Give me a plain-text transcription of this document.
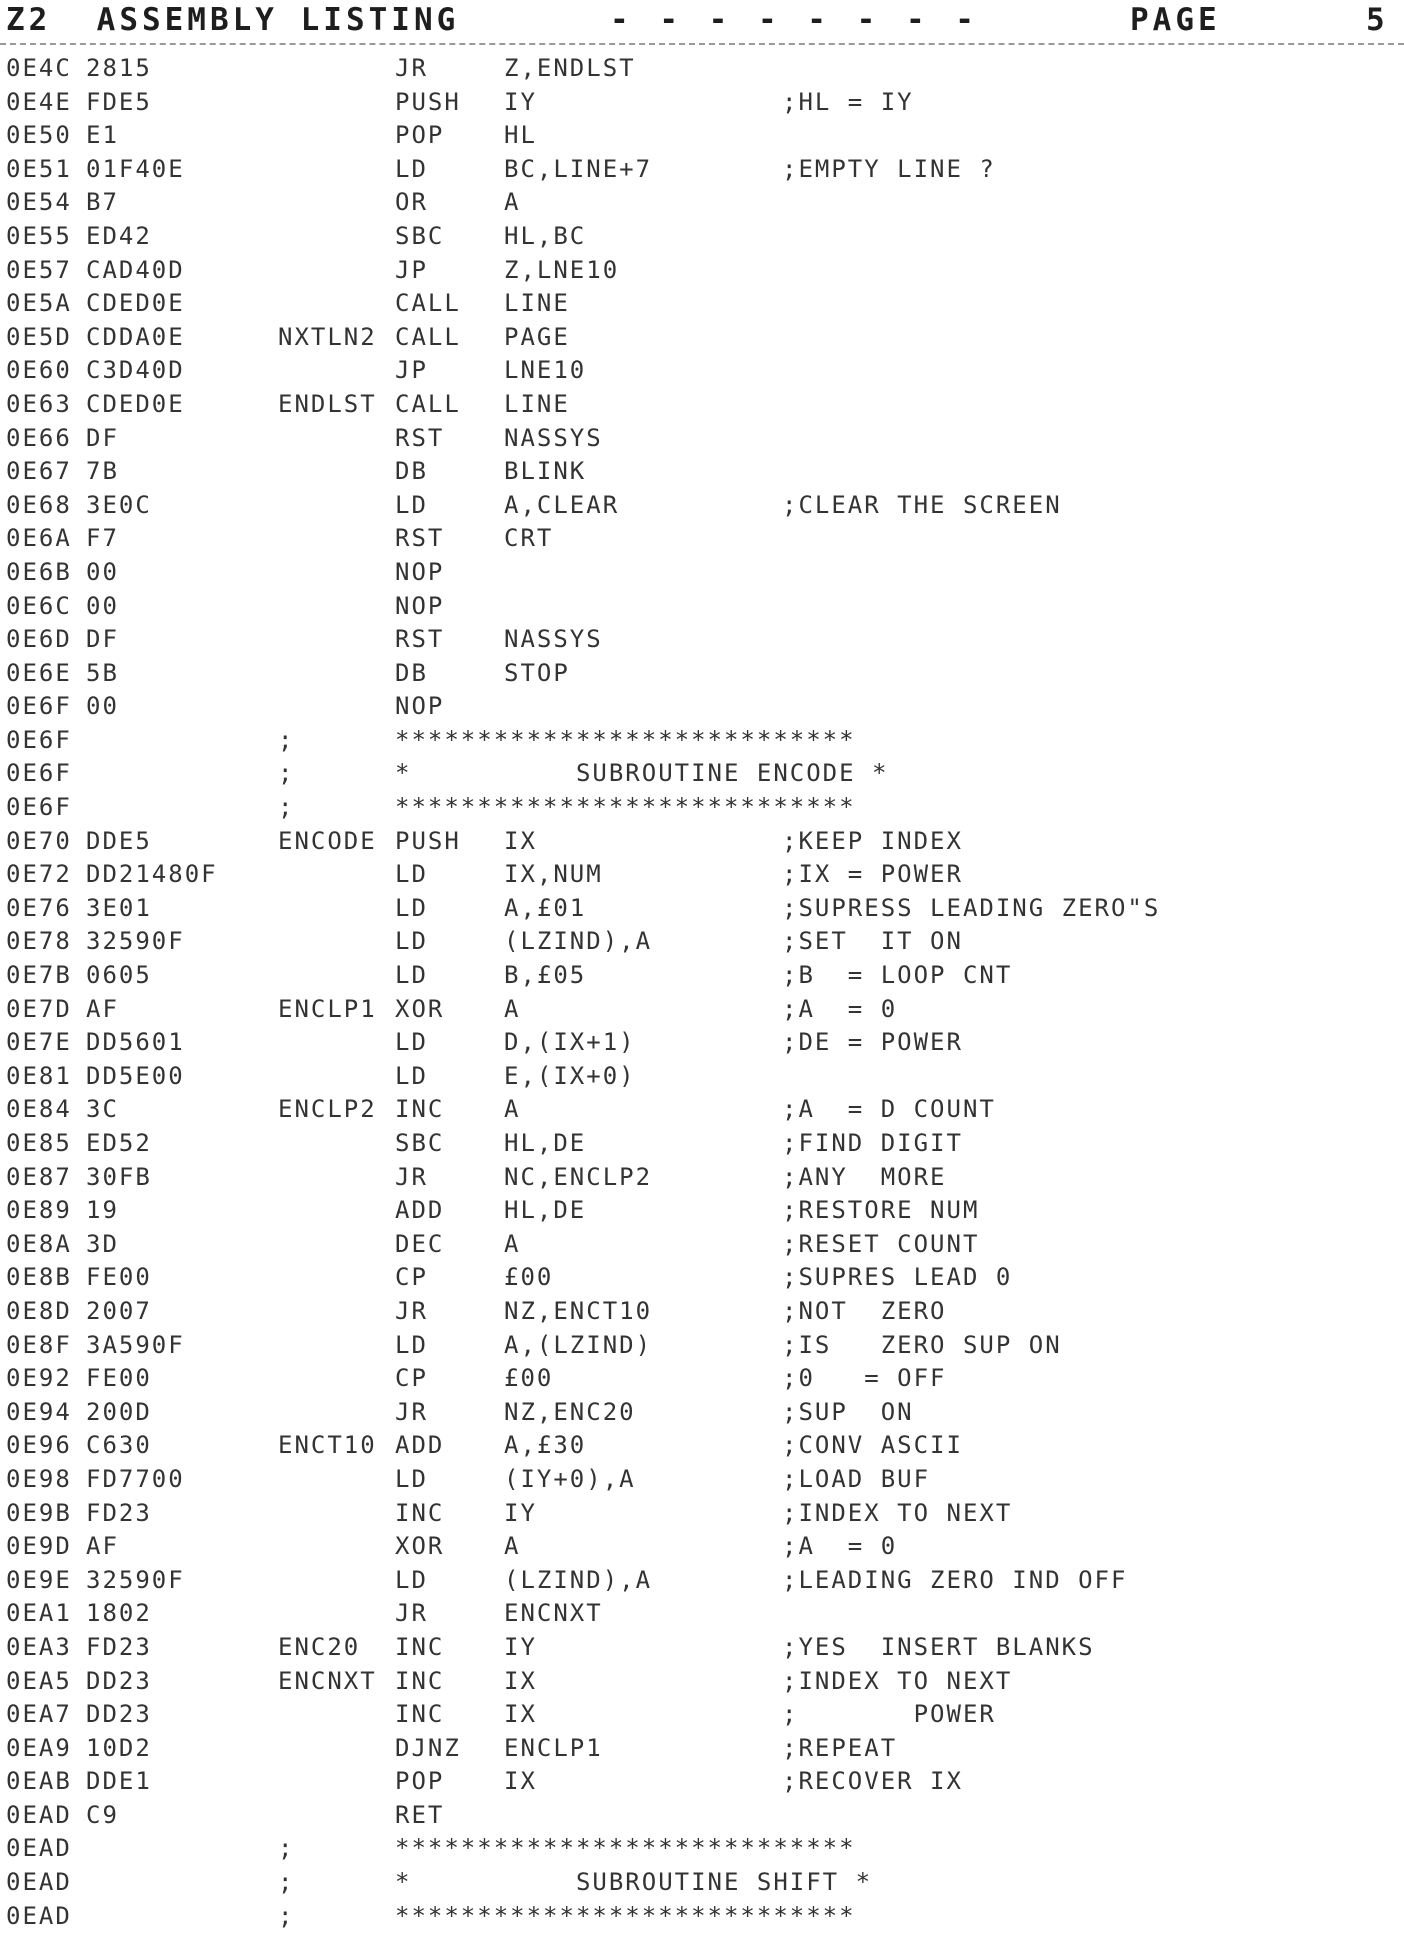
Z2  ASSEMBLY LISTING

	- - - - - - - -

	PAGE

	5

0E4C 2815	JR	Z,ENDLST
0E4E FDE5	PUSH IY	;HL = IY
0E50 E1	POP HL
0E51 01F40E	LD	BC,LINE+7	;EMPTY LINE ?
0E54 B7	OR	A
0E55 ED42	SBC HL,BC
0E57 CAD40D	JP	Z,LNE10
0E5A CDED0E	CALL LINE
0E5D CDDA0E	NXTLN2 CALL PAGE
0E60 C3D40D	JP	LNE10
0E63 CDED0E	ENDLST CALL LINE
0E66 DF	RST NASSYS
0E67 7B	DB	BLINK
0E68 3E0C	LD	A,CLEAR	;CLEAR THE SCREEN
0E6A F7	RST CRT
0E6B 00	NOP
0E6C 00	NOP
0E6D DF	RST NASSYS
0E6E 5B	DB	STOP
0E6F 00	NOP
0E6F	;	****************************
0E6F	;	*          SUBROUTINE ENCODE *
0E6F	;	****************************
0E70 DDE5	ENCODE PUSH IX	;KEEP INDEX
0E72 DD21480F	LD	IX,NUM	;IX = POWER
0E76 3E01	LD	A,£01	;SUPRESS LEADING ZERO"S
0E78 32590F	LD	(LZIND),A	;SET  IT ON
0E7B 0605	LD	B,£05	;B  = LOOP CNT
0E7D AF	ENCLP1 XOR A	;A  = 0
0E7E DD5601	LD	D,(IX+1)	;DE = POWER
0E81 DD5E00	LD	E,(IX+0)
0E84 3C	ENCLP2 INC A	;A  = D COUNT
0E85 ED52	SBC HL,DE	;FIND DIGIT
0E87 30FB	JR	NC,ENCLP2	;ANY  MORE
0E89 19	ADD HL,DE	;RESTORE NUM
0E8A 3D	DEC A	;RESET COUNT
0E8B FE00	CP	£00	;SUPRES LEAD 0
0E8D 2007	JR	NZ,ENCT10	;NOT  ZERO
0E8F 3A590F	LD	A,(LZIND)	;IS   ZERO SUP ON
0E92 FE00	CP	£00	;0   = OFF
0E94 200D	JR	NZ,ENC20	;SUP  ON
0E96 C630	ENCT10 ADD A,£30	;CONV ASCII
0E98 FD7700	LD	(IY+0),A	;LOAD BUF
0E9B FD23	INC IY	;INDEX TO NEXT
0E9D AF	XOR A	;A  = 0
0E9E 32590F	LD	(LZIND),A	;LEADING ZERO IND OFF
0EA1 1802	JR	ENCNXT
0EA3 FD23	ENC20 INC IY	;YES  INSERT BLANKS
0EA5 DD23	ENCNXT INC IX	;INDEX TO NEXT
0EA7 DD23	INC IX	;       POWER
0EA9 10D2	DJNZ ENCLP1	;REPEAT
0EAB DDE1	POP IX	;RECOVER IX
0EAD C9	RET
0EAD	;	****************************
0EAD	;	*          SUBROUTINE SHIFT *
0EAD	;	****************************
